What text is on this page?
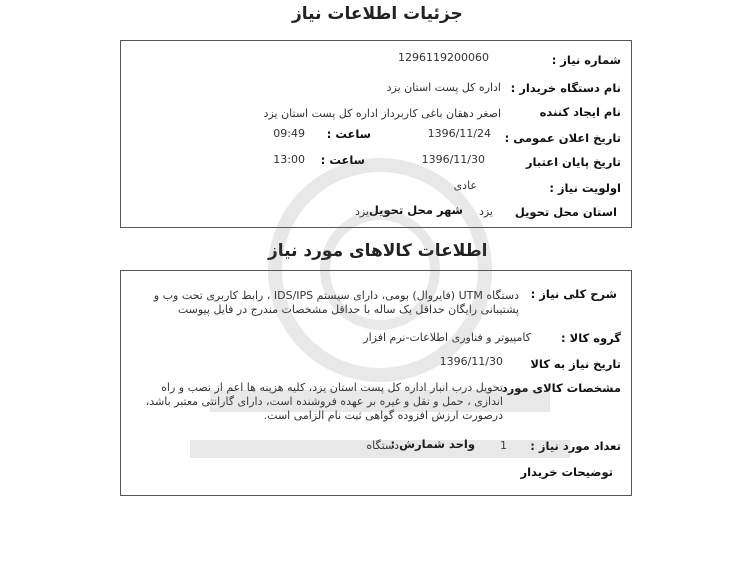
جزئیات اطلاعات نیاز
شماره نیاز :
1296119200060
نام دستگاه خریدار :
اداره کل پست استان یزد
نام ایجاد کننده
اصغر دهقان باغی کاربرداز اداره کل پست استان یزد
تاریخ اعلان عمومی :
1396/11/24
ساعت :
09:49
تاریخ پایان اعتبار
1396/11/30
ساعت :
13:00
اولویت نیاز :
عادی
استان محل تحویل
یزد
شهر محل تحویل
یزد
اطلاعات کالاهای مورد نیاز
شرح کلی نیاز :
دستگاه UTM (فایروال) بومی، دارای سیستم IDS/IPS ، رابط کاربری تحت وب و پشتیبانی رایگان حداقل یک ساله با حداقل مشخصات مندرج در فایل پیوست
گروه کالا :
کامپیوتر و فناوری اطلاعات-نرم افزار
تاریخ نیاز به کالا
1396/11/30
مشخصات کالای مورد
تحویل درب انبار اداره کل پست استان یزد، کلیه هزینه ها اعم از نصب و راه اندازی ، حمل و نقل و غیره بر عهده فروشنده است، دارای گارانتی معتبر باشد، درصورت ارزش افزوده گواهی ثبت نام الزامی است.
تعداد مورد نیاز :
1
واحد شمارش :
دستگاه
توضیحات خریدار
